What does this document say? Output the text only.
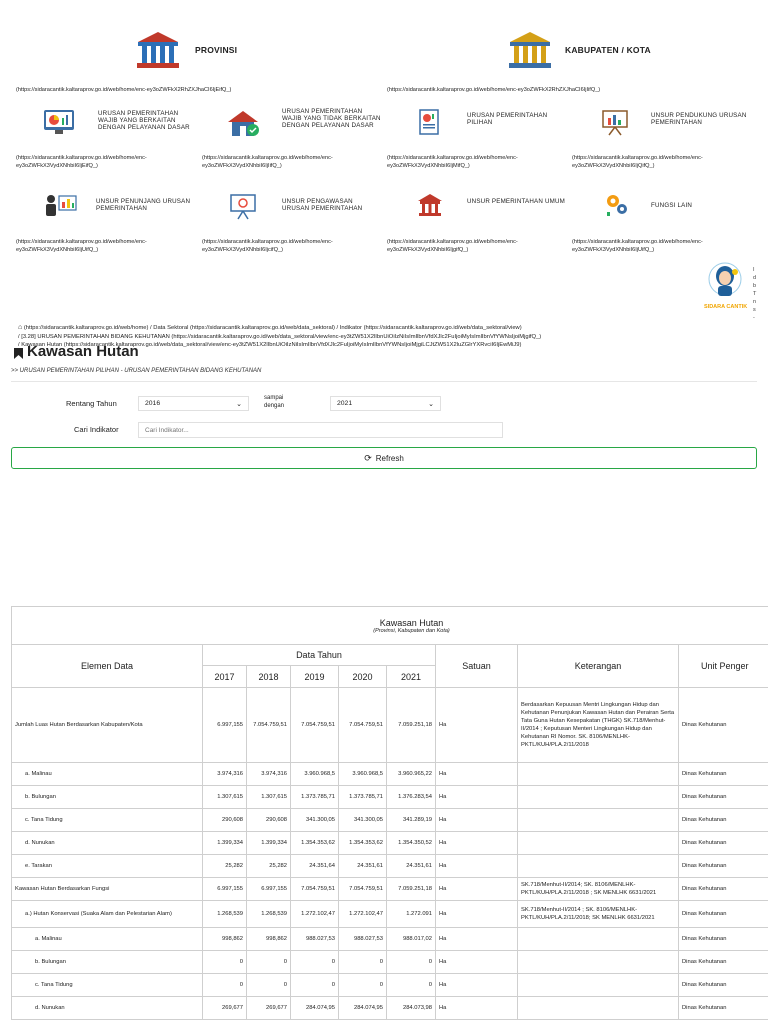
PROVINSI
(https://sidaracantik.kaltaraprov.go.id/web/home/enc-ey3oZWFkX2RhZXJhaCI6IjEifQ_)
KABUPATEN / KOTA
(https://sidaracantik.kaltaraprov.go.id/web/home/enc-ey3oZWFkX2RhZXJhaCI6IjIifQ_)
URUSAN PEMERINTAHAN WAJIB YANG BERKAITAN DENGAN PELAYANAN DASAR
(https://sidaracantik.kaltaraprov.go.id/web/home/enc-ey3oZWFkX3VydXNhbiI6IjEifQ_)
URUSAN PEMERINTAHAN WAJIB YANG TIDAK BERKAITAN DENGAN PELAYANAN DASAR
(https://sidaracantik.kaltaraprov.go.id/web/home/enc-ey3oZWFkX3VydXNhbiI6IjIifQ_)
URUSAN PEMERINTAHAN PILIHAN
(https://sidaracantik.kaltaraprov.go.id/web/home/enc-ey3oZWFkX3VydXNhbiI6IjMifQ_)
UNSUR PENDUKUNG URUSAN PEMERINTAHAN
(https://sidaracantik.kaltaraprov.go.id/web/home/enc-ey3oZWFkX3VydXNhbiI6IjQifQ_)
UNSUR PENUNJANG URUSAN PEMERINTAHAN
(https://sidaracantik.kaltaraprov.go.id/web/home/enc-ey3oZWFkX3VydXNhbiI6IjUifQ_)
UNSUR PENGAWASAN URUSAN PEMERINTAHAN
(https://sidaracantik.kaltaraprov.go.id/web/home/enc-ey3oZWFkX3VydXNhbiI6IjcifQ_)
UNSUR PEMERINTAHAN UMUM
(https://sidaracantik.kaltaraprov.go.id/web/home/enc-ey3oZWFkX3VydXNhbiI6IjgifQ_)
FUNGSI LAIN
(https://sidaracantik.kaltaraprov.go.id/web/home/enc-ey3oZWFkX3VydXNhbiI6IjUifQ_)
SIDARA CANTIK
I
d
b
T
n
s
-
⌂ (https://sidaracantik.kaltaraprov.go.id/web/home) / Data Sektoral (https://sidaracantik.kaltaraprov.go.id/web/data_sektoral) / Indikator (https://sidaracantik.kaltaraprov.go.id/web/data_sektoral/view)
/ [3.28] URUSAN PEMERINTAHAN BIDANG KEHUTANAN (https://sidaracantik.kaltaraprov.go.id/web/data_sektoral/view/enc-ey3tZW51X2lIbnUiOiIzNiIsImIlbnVfdXJlc2FuIjoiMyIsImlIbnVfYWNsIjoiMjgifQ_)
/ Kawasan Hutan (https://sidaracantik.kaltaraprov.go.id/web/data_sektoral/view/enc-ey3tZW51X2lIbnUiOiIzNiIsImIlbnVfdXJlc2FuIjoiMyIsImlIbnVfYWNsIjoiMjgiLCJtZW51X2luZGlrYXRvciI6IjEwMiJ9)
Kawasan Hutan
>> URUSAN PEMERINTAHAN PILIHAN - URUSAN PEMERINTAHAN BIDANG KEHUTANAN
Rentang Tahun	2016	⌄
sampai dengan	2021	⌄
Cari Indikator
Cari Indikator...
⟳ Refresh
Kawasan Hutan
(Provinsi, Kabupaten dan Kota)								

Elemen Data	Data Tahun					Satuan	Keterangan	Unit Penger
	2017	2018	2019	2020	2021			
Jumlah Luas Hutan Berdasarkan Kabupaten/Kota	6.997,155	7.054.759,51	7.054.759,51	7.054.759,51	7.059.251,18	Ha	Berdasarkan Kepuusan Mentri Lingkungan Hidup dan Kehutanan Penunjukan Kawasan Hutan dan Perairan Serta Tata Guna Hutan Kesepakatan (THGK) SK.718/Menhut-II/2014 ; Keputusan Menteri Lingkungan Hidup dan Kehutanan RI Nomor. SK. 8106/MENLHK-PKTL/KUH/PLA.2/11/2018	Dinas Kehutanan
a. Malinau	3.974,316	3.974,316	3.960.968,5	3.960.968,5	3.960.965,22	Ha		Dinas Kehutanan
b. Bulungan	1.307,615	1.307,615	1.373.785,71	1.373.785,71	1.376.283,54	Ha		Dinas Kehutanan
c. Tana Tidung	290,608	290,608	341.300,05	341.300,05	341.289,19	Ha		Dinas Kehutanan
d. Nunukan	1.399,334	1.399,334	1.354.353,62	1.354.353,62	1.354.350,52	Ha		Dinas Kehutanan
e. Tarakan	25,282	25,282	24.351,64	24.351,61	24.351,61	Ha		Dinas Kehutanan
Kawasan Hutan Berdasarkan Fungsi	6.997,155	6.997,155	7.054.759,51	7.054.759,51	7.059.251,18	Ha	SK.718/Menhut-II/2014; SK. 8106/MENLHK-PKTL/KUH/PLA.2/11/2018 ; SK MENLHK 6631/2021	Dinas Kehutanan
a.) Hutan Konservasi (Suaka Alam dan Pelestarian Alam)	1.268,539	1.268,539	1.272.102,47	1.272.102,47	1.272.091	Ha	SK.718/Menhut-II/2014 ; SK. 8106/MENLHK-PKTL/KUH/PLA.2/11/2018; SK MENLHK 6631/2021	Dinas Kehutanan
a. Malinau	998,862	998,862	988.027,53	988.027,53	988.017,02	Ha		Dinas Kehutanan
b. Bulungan	0	0	0	0	0	Ha		Dinas Kehutanan
c. Tana Tidung	0	0	0	0	0	Ha		Dinas Kehutanan
d. Nunukan	269,677	269,677	284.074,95	284.074,95	284.073,98	Ha		Dinas Kehutanan
